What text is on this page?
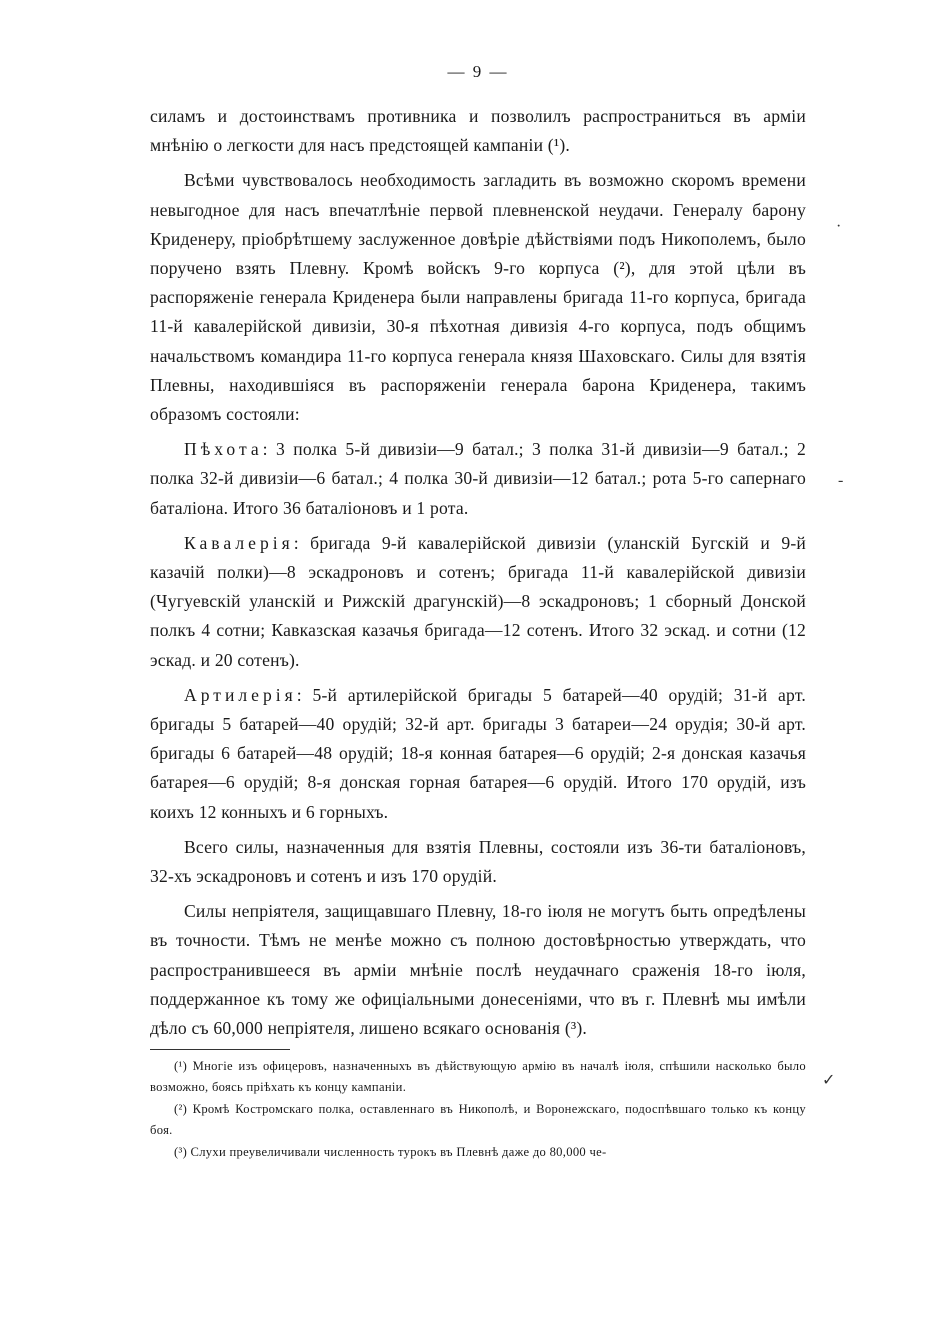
— 9 —

силамъ и достоинствамъ противника и позволилъ распространиться въ арміи мнѣнію о легкости для насъ предстоящей кампаніи (¹).

Всѣми чувствовалось необходимость загладить въ возможно скоромъ времени невыгодное для насъ впечатлѣніе первой плевненской неудачи. Генералу барону Криденеру, пріобрѣтшему заслуженное довѣріе дѣйствіями подъ Никополемъ, было поручено взять Плевну. Кромѣ войскъ 9-го корпуса (²), для этой цѣли въ распоряженіе генерала Криденера были направлены бригада 11-го корпуса, бригада 11-й кавалерійской дивизіи, 30-я пѣхотная дивизія 4-го корпуса, подъ общимъ начальствомъ командира 11-го корпуса генерала князя Шаховскаго. Силы для взятія Плевны, находившіяся въ распоряженіи генерала барона Криденера, такимъ образомъ состояли:

Пѣхота: 3 полка 5-й дивизіи—9 батал.; 3 полка 31-й дивизіи—9 батал.; 2 полка 32-й дивизіи—6 батал.; 4 полка 30-й дивизіи—12 батал.; рота 5-го сапернаго баталіона. Итого 36 баталіоновъ и 1 рота.

Кавалерія: бригада 9-й кавалерійской дивизіи (уланскій Бугскій и 9-й казачій полки)—8 эскадроновъ и сотенъ; бригада 11-й кавалерійской дивизіи (Чугуевскій уланскій и Рижскій драгунскій)—8 эскадроновъ; 1 сборный Донской полкъ 4 сотни; Кавказская казачья бригада—12 сотенъ. Итого 32 эскад. и сотни (12 эскад. и 20 сотенъ).

Артилерія: 5-й артилерійской бригады 5 батарей—40 орудій; 31-й арт. бригады 5 батарей—40 орудій; 32-й арт. бригады 3 батареи—24 орудія; 30-й арт. бригады 6 батарей—48 орудій; 18-я конная батарея—6 орудій; 2-я донская казачья батарея—6 орудій; 8-я донская горная батарея—6 орудій. Итого 170 орудій, изъ коихъ 12 конныхъ и 6 горныхъ.

Всего силы, назначенныя для взятія Плевны, состояли изъ 36-ти баталіоновъ, 32-хъ эскадроновъ и сотенъ и изъ 170 орудій.

Силы непріятеля, защищавшаго Плевну, 18-го іюля не могутъ быть опредѣлены въ точности. Тѣмъ не менѣе можно съ полною достовѣрностью утверждать, что распространившееся въ арміи мнѣніе послѣ неудачнаго сраженія 18-го іюля, поддержанное къ тому же офиціальными донесеніями, что въ г. Плевнѣ мы имѣли дѣло съ 60,000 непріятеля, лишено всякаго основанія (³).

(¹) Многіе изъ офицеровъ, назначенныхъ въ дѣйствующую армію въ началѣ іюля, спѣшили насколько было возможно, боясь пріѣхать къ концу кампаніи.

(²) Кромѣ Костромскаго полка, оставленнаго въ Никополѣ, и Воронежскаго, подоспѣвшаго только къ концу боя.

(³) Слухи преувеличивали численность турокъ въ Плевнѣ даже до 80,000 че-

·
‐
✓
